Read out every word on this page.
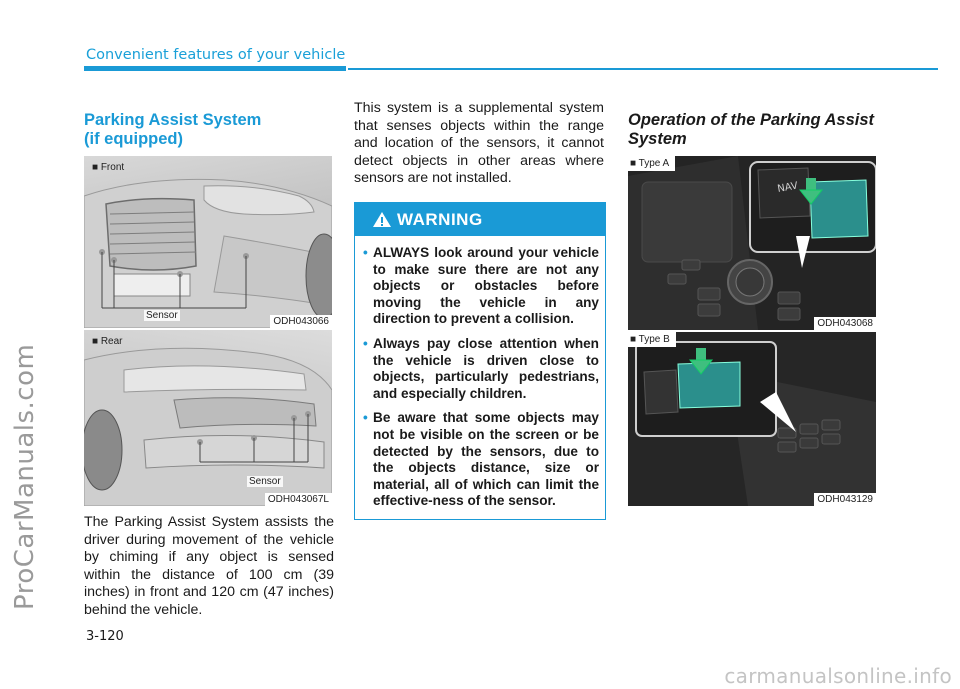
ProCarManuals.com
Convenient features of your vehicle
Parking Assist System
(if equipped)
■ Front
Sensor
ODH043066
■ Rear
Sensor
ODH043067L
The Parking Assist System assists the driver during movement of the vehicle by chiming if any object is sensed within the distance of 100 cm (39 inches) in front and 120 cm (47 inches) behind the vehicle.
This system is a supplemental system that senses objects within the range and location of the sensors, it cannot detect objects in other areas where sensors are not installed.
WARNING
• ALWAYS look around your vehicle to make sure there are not any objects or obstacles before moving the vehicle in any direction to prevent a collision.
• Always pay close attention when the vehicle is driven close to objects, particularly pedestrians, and especially children.
• Be aware that some objects may not be visible on the screen or be detected by the sensors, due to the objects distance, size or material, all of which can limit the effective-ness of the sensor.
Operation of the Parking Assist
System
NAV
■ Type A
ODH043068
■ Type B
ODH043129
3-120
carmanualsonline.info
